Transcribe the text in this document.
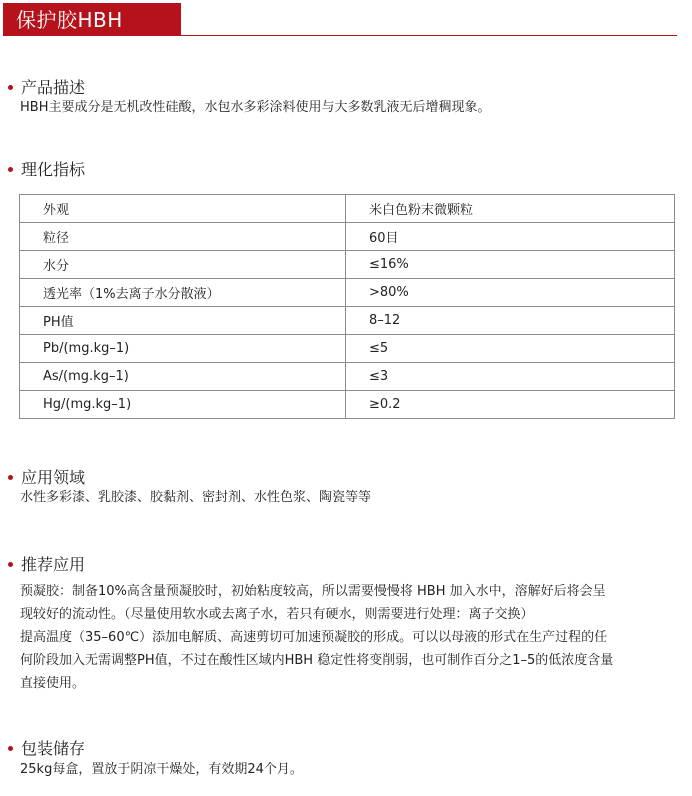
保护胶HBH
产品描述

HBH主要成分是无机改性硅酸，水包水多彩涂料使用与大多数乳液无后增稠现象。

理化指标
外观	米白色粉末微颗粒
粒径	60目
水分	≤16%
透光率（1%去离子水分散液）	>80%
PH值	8–12
Pb/(mg.kg–1)	≤5
As/(mg.kg–1)	≤3
Hg/(mg.kg–1)	≥0.2
应用领域

水性多彩漆、乳胶漆、胶黏剂、密封剂、水性色浆、陶瓷等等

推荐应用

预凝胶：制备10%高含量预凝胶时，初始粘度较高，所以需要慢慢将 HBH 加入水中，溶解好后将会呈

现较好的流动性。（尽量使用软水或去离子水，若只有硬水，则需要进行处理：离子交换）

提高温度（35–60℃）添加电解质、高速剪切可加速预凝胶的形成。可以以母液的形式在生产过程的任

何阶段加入无需调整PH值，不过在酸性区域内HBH 稳定性将变削弱，也可制作百分之1–5的低浓度含量

直接使用。

包装储存

25kg每盒，置放于阴凉干燥处，有效期24个月。
